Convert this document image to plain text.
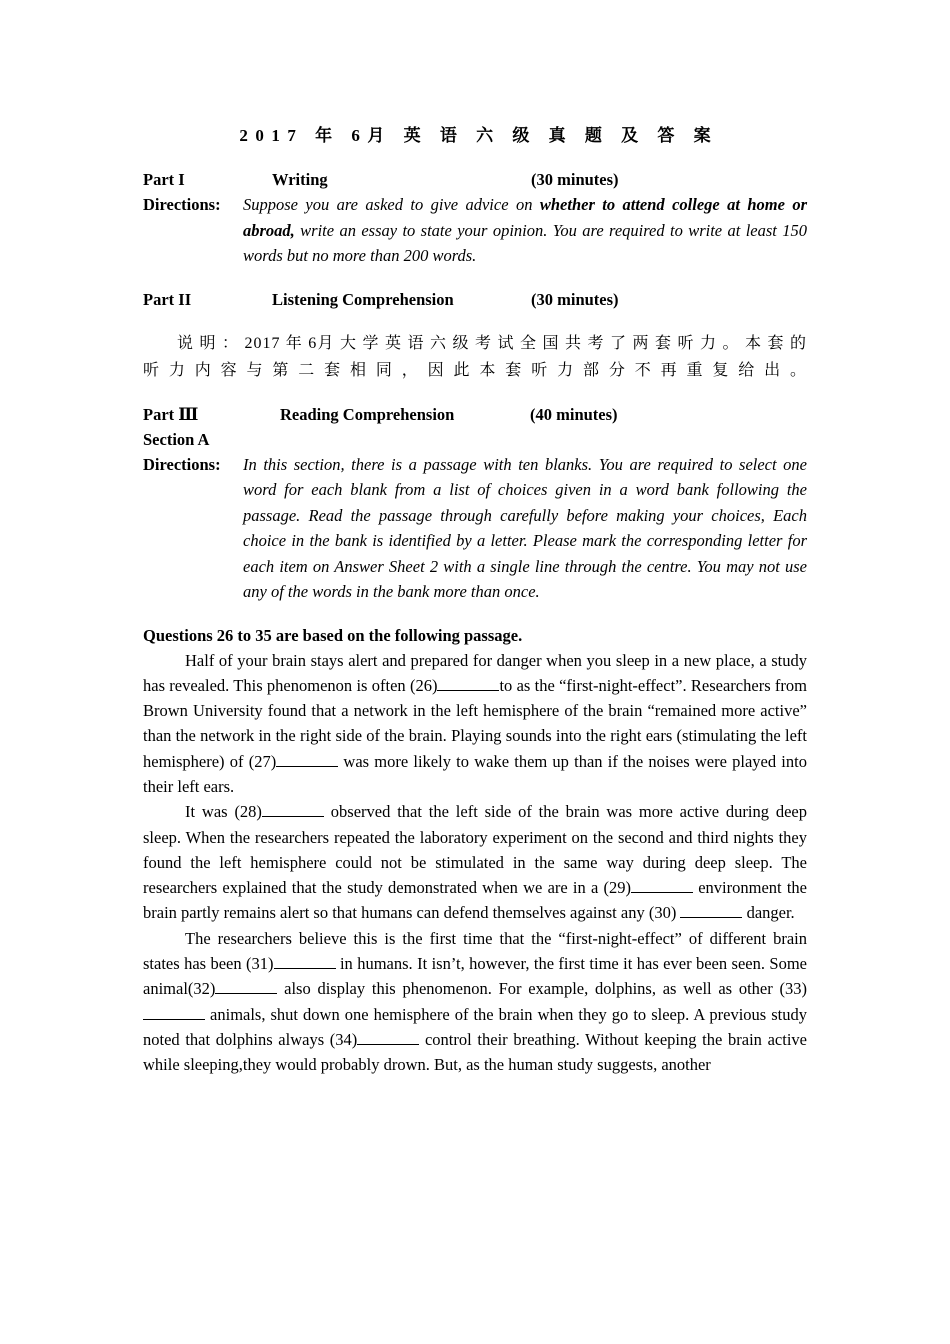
2017 年 6月 英 语 六 级 真 题 及 答 案
Part I	Writing	(30 minutes)
Directions: Suppose you are asked to give advice on whether to attend college at home or abroad, write an essay to state your opinion. You are required to write at least 150 words but no more than 200 words.
Part II	Listening Comprehension	(30 minutes)
说 明 ： 2017 年 6月 大 学 英 语 六 级 考 试 全 国 共 考 了 两 套 听 力 。 本 套 的 听 力 内 容 与 第 二 套 相 同 ， 因 此 本 套 听 力 部 分 不 再 重 复 给 出 。
Part Ⅲ	Reading Comprehension	(40 minutes)
Section A
Directions: In this section, there is a passage with ten blanks. You are required to select one word for each blank from a list of choices given in a word bank following the passage. Read the passage through carefully before making your choices, Each choice in the bank is identified by a letter. Please mark the corresponding letter for each item on Answer Sheet 2 with a single line through the centre. You may not use any of the words in the bank more than once.
Questions 26 to 35 are based on the following passage.

Half of your brain stays alert and prepared for danger when you sleep in a new place, a study has revealed. This phenomenon is often (26)	to as the “first-night-effect”. Researchers from Brown University found that a network in the left hemisphere of the brain “remained more active” than the network in the right side of the brain. Playing sounds into the right ears (stimulating the left hemisphere) of (27)	was more likely to wake them up than if the noises were played into their left ears.

It was (28)	observed that the left side of the brain was more active during deep sleep. When the researchers repeated the laboratory experiment on the second and third nights they found the left hemisphere could not be stimulated in the same way during deep sleep. The researchers explained that the study demonstrated when we are in a (29)	environment the brain partly remains alert so that humans can defend themselves against any (30)	danger.

The researchers believe this is the first time that the “first-night-effect” of different brain states has been (31)	in humans. It isn’t, however, the first time it has ever been seen. Some animal(32)	also display this phenomenon. For example, dolphins, as well as other (33) animals, shut down one hemisphere of the brain when they go to sleep. A previous study noted that dolphins always (34)	control their breathing. Without keeping the brain active while sleeping,they would probably drown. But, as the human study suggests, another
